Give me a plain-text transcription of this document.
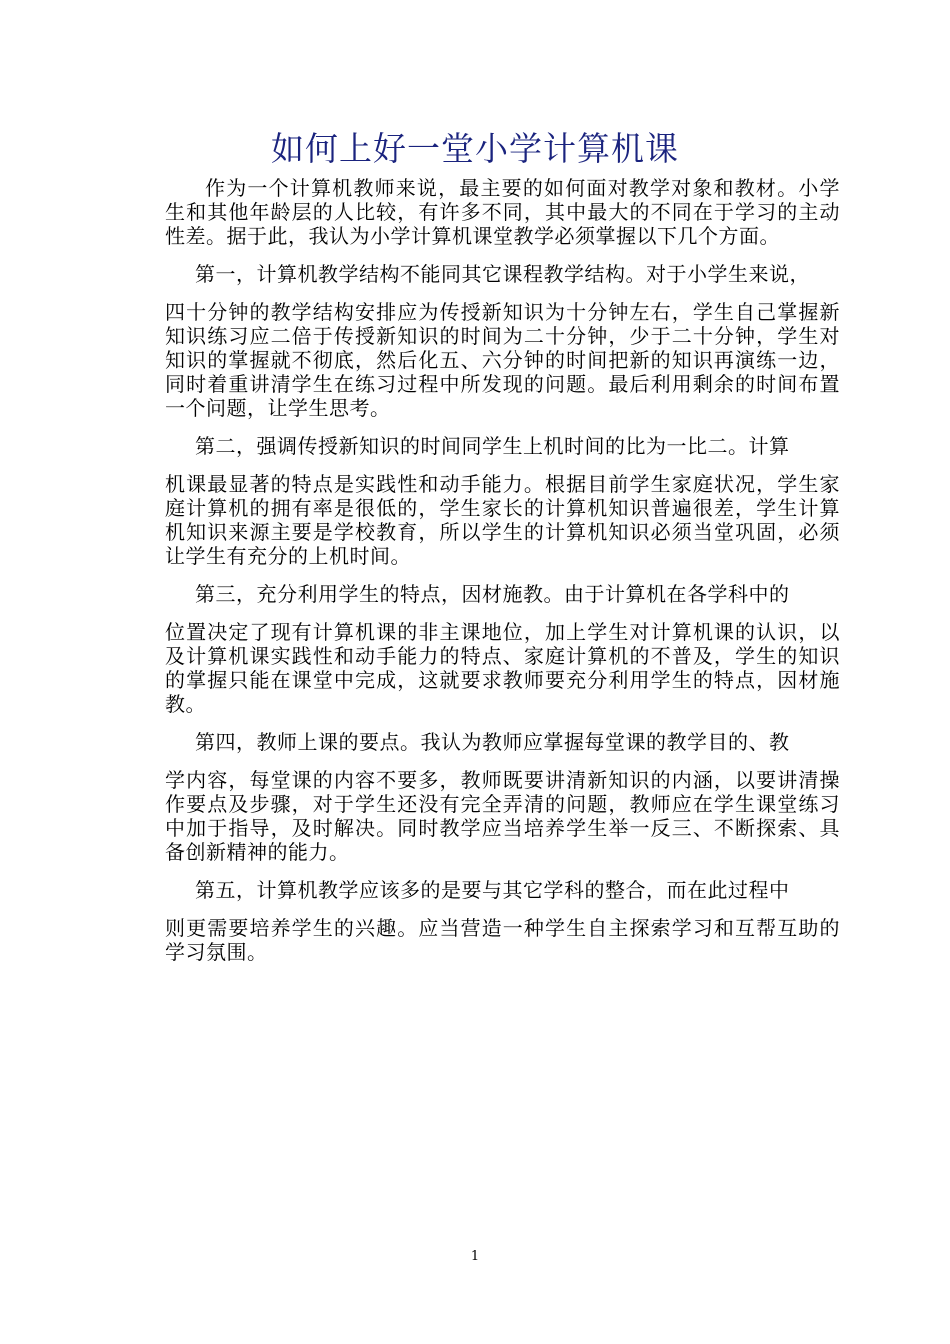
如何上好一堂小学计算机课

作为一个计算机教师来说，最主要的如何面对教学对象和教材。小学生和其他年龄层的人比较，有许多不同，其中最大的不同在于学习的主动性差。据于此，我认为小学计算机课堂教学必须掌握以下几个方面。

第一，计算机教学结构不能同其它课程教学结构。对于小学生来说，

四十分钟的教学结构安排应为传授新知识为十分钟左右，学生自己掌握新知识练习应二倍于传授新知识的时间为二十分钟，少于二十分钟，学生对知识的掌握就不彻底，然后化五、六分钟的时间把新的知识再演练一边，同时着重讲清学生在练习过程中所发现的问题。最后利用剩余的时间布置一个问题，让学生思考。

第二，强调传授新知识的时间同学生上机时间的比为一比二。计算

机课最显著的特点是实践性和动手能力。根据目前学生家庭状况，学生家庭计算机的拥有率是很低的，学生家长的计算机知识普遍很差，学生计算机知识来源主要是学校教育，所以学生的计算机知识必须当堂巩固，必须让学生有充分的上机时间。

第三，充分利用学生的特点，因材施教。由于计算机在各学科中的

位置决定了现有计算机课的非主课地位，加上学生对计算机课的认识，以及计算机课实践性和动手能力的特点、家庭计算机的不普及，学生的知识的掌握只能在课堂中完成，这就要求教师要充分利用学生的特点，因材施教。

第四，教师上课的要点。我认为教师应掌握每堂课的教学目的、教

学内容，每堂课的内容不要多，教师既要讲清新知识的内涵，以要讲清操作要点及步骤，对于学生还没有完全弄清的问题，教师应在学生课堂练习中加于指导，及时解决。同时教学应当培养学生举一反三、不断探索、具备创新精神的能力。

第五，计算机教学应该多的是要与其它学科的整合，而在此过程中

则更需要培养学生的兴趣。应当营造一种学生自主探索学习和互帮互助的学习氛围。

1
